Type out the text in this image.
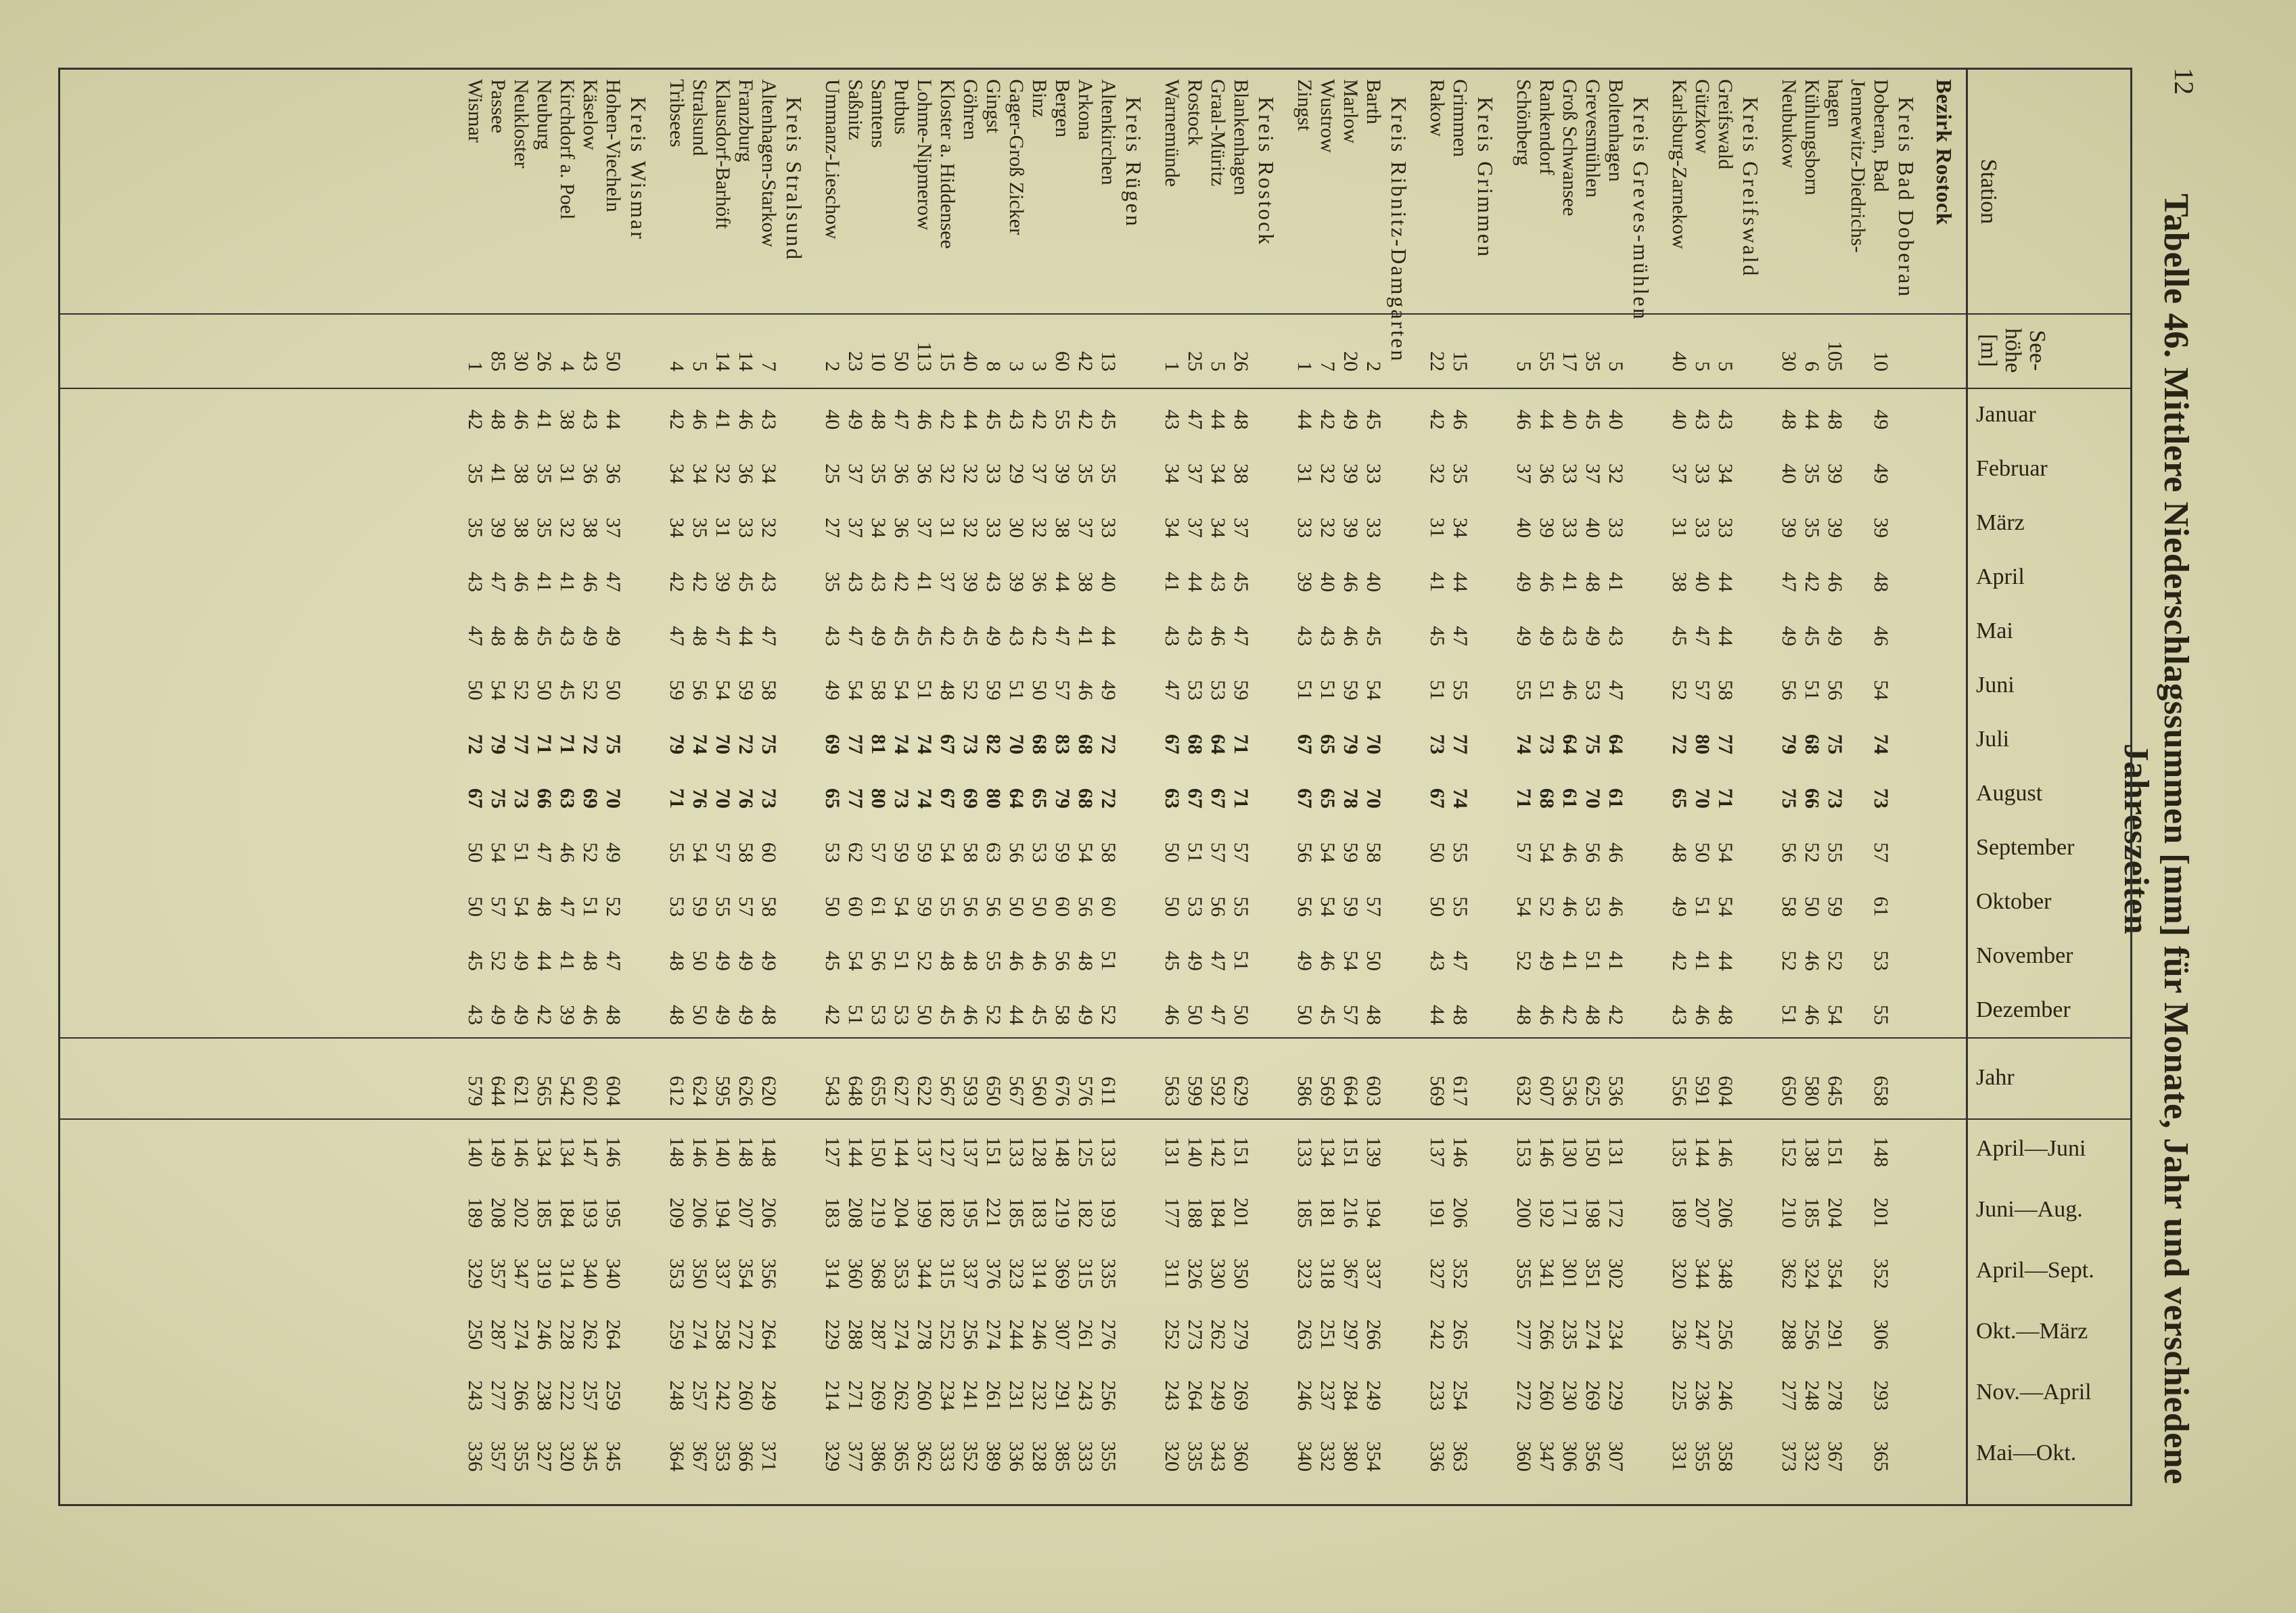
12
Tabelle 46. Mittlere Niederschlagssummen [mm] für Monate, Jahr und verschiedene Jahreszeiten
Station
See-höhe [m]
Januar
Februar
März
April
Mai
Juni
Juli
August
September
Oktober
November
Dezember
Jahr
April—Juni
Juni—Aug.
April—Sept.
Okt.—März
Nov.—April
Mai—Okt.
Bezirk Rostock
Kreis Bad Doberan
Doberan, Bad
10
49
49
39
48
46
54
74
73
57
61
53
55
658
148
201
352
306
293
365
Jennewitz-Diedrichs-
hagen
105
48
39
39
46
49
56
75
73
55
59
52
54
645
151
204
354
291
278
367
Kühlungsborn
6
44
35
35
42
45
51
68
66
52
50
46
46
580
138
185
324
256
248
332
Neubukow
30
48
40
39
47
49
56
79
75
56
58
52
51
650
152
210
362
288
277
373
Kreis Greifswald
Greifswald
5
43
34
33
44
44
58
77
71
54
54
44
48
604
146
206
348
256
246
358
Gützkow
5
43
33
33
40
47
57
80
70
50
51
41
46
591
144
207
344
247
236
355
Karlsburg-Zarnekow
40
40
37
31
38
45
52
72
65
48
49
42
43
556
135
189
320
236
225
331
Kreis Greves-mühlen
Boltenhagen
5
40
32
33
41
43
47
64
61
46
46
41
42
536
131
172
302
234
229
307
Grevesmühlen
35
45
37
40
48
49
53
75
70
56
53
51
48
625
150
198
351
274
269
356
Groß Schwansee
17
40
33
33
41
43
46
64
61
46
46
41
42
536
130
171
301
235
230
306
Rankendorf
55
44
36
39
46
49
51
73
68
54
52
49
46
607
146
192
341
266
260
347
Schönberg
5
46
37
40
49
49
55
74
71
57
54
52
48
632
153
200
355
277
272
360
Kreis Grimmen
Grimmen
15
46
35
34
44
47
55
77
74
55
55
47
48
617
146
206
352
265
254
363
Rakow
22
42
32
31
41
45
51
73
67
50
50
43
44
569
137
191
327
242
233
336
Kreis Ribnitz-Damgarten
Barth
2
45
33
33
40
45
54
70
70
58
57
50
48
603
139
194
337
266
249
354
Marlow
20
49
39
39
46
46
59
79
78
59
59
54
57
664
151
216
367
297
284
380
Wustrow
7
42
32
32
40
43
51
65
65
54
54
46
45
569
134
181
318
251
237
332
Zingst
1
44
31
33
39
43
51
67
67
56
56
49
50
586
133
185
323
263
246
340
Kreis Rostock
Blankenhagen
26
48
38
37
45
47
59
71
71
57
55
51
50
629
151
201
350
279
269
360
Graal-Müritz
5
44
34
34
43
46
53
64
67
57
56
47
47
592
142
184
330
262
249
343
Rostock
25
47
37
37
44
43
53
68
67
51
53
49
50
599
140
188
326
273
264
335
Warnemünde
1
43
34
34
41
43
47
67
63
50
50
45
46
563
131
177
311
252
243
320
Kreis Rügen
Altenkirchen
13
45
35
33
40
44
49
72
72
58
60
51
52
611
133
193
335
276
256
355
Arkona
42
42
35
37
38
41
46
68
68
54
56
48
49
576
125
182
315
261
243
333
Bergen
60
55
39
38
44
47
57
83
79
59
60
56
58
676
148
219
369
307
291
385
Binz
3
42
37
32
36
42
50
68
65
53
50
46
45
560
128
183
314
246
232
328
Gager-Groß Zicker
3
43
29
30
39
43
51
70
64
56
50
46
44
567
133
185
323
244
231
336
Gingst
8
45
33
33
43
49
59
82
80
63
56
55
52
650
151
221
376
274
261
389
Göhren
40
44
32
32
39
45
52
73
69
58
56
48
46
593
137
195
337
256
241
352
Kloster a. Hiddensee
15
42
32
31
37
42
48
67
67
54
55
48
45
567
127
182
315
252
234
333
Lohme-Nipmerow
113
46
36
37
41
45
51
74
74
59
59
52
50
622
137
199
344
278
260
362
Putbus
50
47
36
36
42
45
54
74
73
59
54
51
53
627
144
204
353
274
262
365
Samtens
10
48
35
34
43
49
58
81
80
57
61
56
53
655
150
219
368
287
269
386
Saßnitz
23
49
37
37
43
47
54
77
77
62
60
54
51
648
144
208
360
288
271
377
Ummanz-Lieschow
2
40
25
27
35
43
49
69
65
53
50
45
42
543
127
183
314
229
214
329
Kreis Stralsund
Altenhagen-Starkow
7
43
34
32
43
47
58
75
73
60
58
49
48
620
148
206
356
264
249
371
Franzburg
14
46
36
33
45
44
59
72
76
58
57
49
49
626
148
207
354
272
260
366
Klausdorf-Barhöft
14
41
32
31
39
47
54
70
70
57
55
49
49
595
140
194
337
258
242
353
Stralsund
5
46
34
35
42
48
56
74
76
54
59
50
50
624
146
206
350
274
257
367
Tribsees
4
42
34
34
42
47
59
79
71
55
53
48
48
612
148
209
353
259
248
364
Kreis Wismar
Hohen-Viecheln
50
44
36
37
47
49
50
75
70
49
52
47
48
604
146
195
340
264
259
345
Käselow
43
43
36
38
46
49
52
72
69
52
51
48
46
602
147
193
340
262
257
345
Kirchdorf a. Poel
4
38
31
32
41
43
45
71
63
46
47
41
39
542
134
184
314
228
222
320
Neuburg
26
41
35
35
41
45
50
71
66
47
48
44
42
565
134
185
319
246
238
327
Neukloster
30
46
38
38
46
48
52
77
73
51
54
49
49
621
146
202
347
274
266
355
Passee
85
48
41
39
47
48
54
79
75
54
57
52
49
644
149
208
357
287
277
357
Wismar
1
42
35
35
43
47
50
72
67
50
50
45
43
579
140
189
329
250
243
336
